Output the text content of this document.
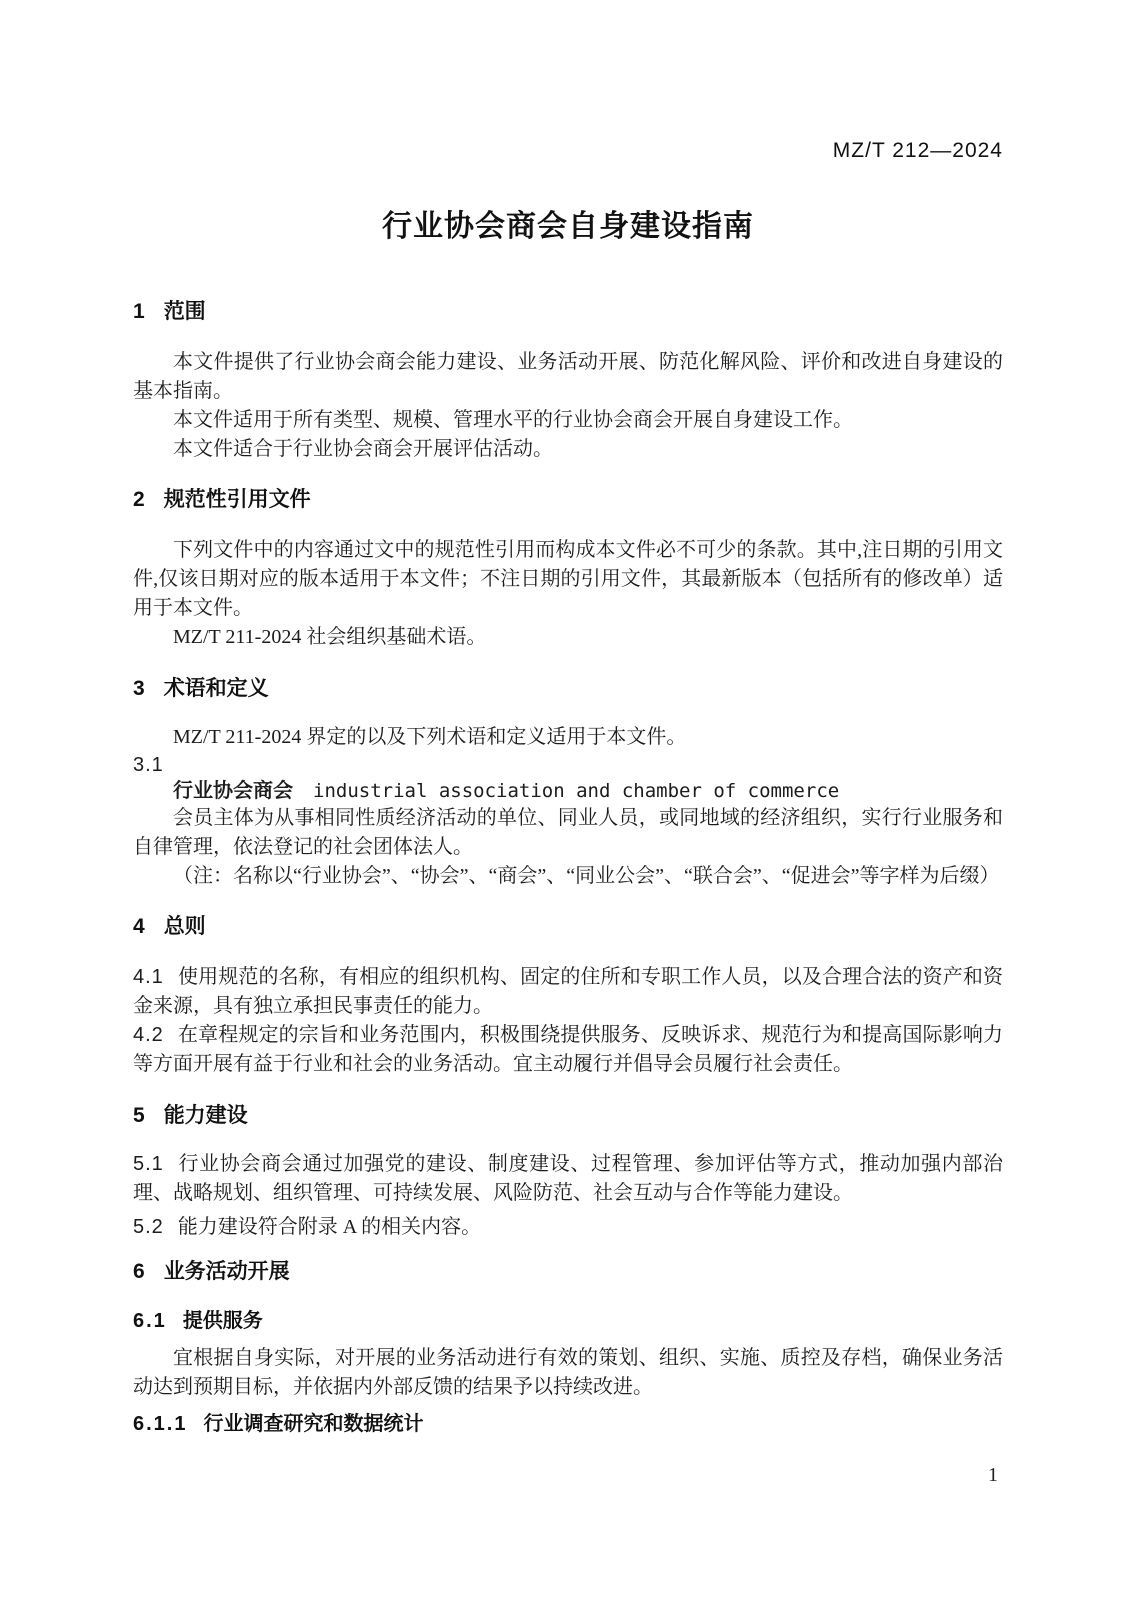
MZ/T 212—2024
行业协会商会自身建设指南
1 范围

本文件提供了行业协会商会能力建设、业务活动开展、防范化解风险、评价和改进自身建设的基本指南。

本文件适用于所有类型、规模、管理水平的行业协会商会开展自身建设工作。

本文件适合于行业协会商会开展评估活动。

2 规范性引用文件

下列文件中的内容通过文中的规范性引用而构成本文件必不可少的条款。其中,注日期的引用文件,仅该日期对应的版本适用于本文件；不注日期的引用文件，其最新版本（包括所有的修改单）适用于本文件。

MZ/T 211-2024 社会组织基础术语。

3 术语和定义

MZ/T 211-2024 界定的以及下列术语和定义适用于本文件。

3.1

行业协会商会 industrial association and chamber of commerce

会员主体为从事相同性质经济活动的单位、同业人员，或同地域的经济组织，实行行业服务和自律管理，依法登记的社会团体法人。

（注：名称以“行业协会”、“协会”、“商会”、“同业公会”、“联合会”、“促进会”等字样为后缀）

4 总则

4.1 使用规范的名称，有相应的组织机构、固定的住所和专职工作人员，以及合理合法的资产和资金来源，具有独立承担民事责任的能力。

4.2 在章程规定的宗旨和业务范围内，积极围绕提供服务、反映诉求、规范行为和提高国际影响力等方面开展有益于行业和社会的业务活动。宜主动履行并倡导会员履行社会责任。

5 能力建设

5.1 行业协会商会通过加强党的建设、制度建设、过程管理、参加评估等方式，推动加强内部治理、战略规划、组织管理、可持续发展、风险防范、社会互动与合作等能力建设。

5.2 能力建设符合附录 A 的相关内容。

6 业务活动开展
6.1 提供服务

宜根据自身实际，对开展的业务活动进行有效的策划、组织、实施、质控及存档，确保业务活动达到预期目标，并依据内外部反馈的结果予以持续改进。

6.1.1 行业调查研究和数据统计
1
